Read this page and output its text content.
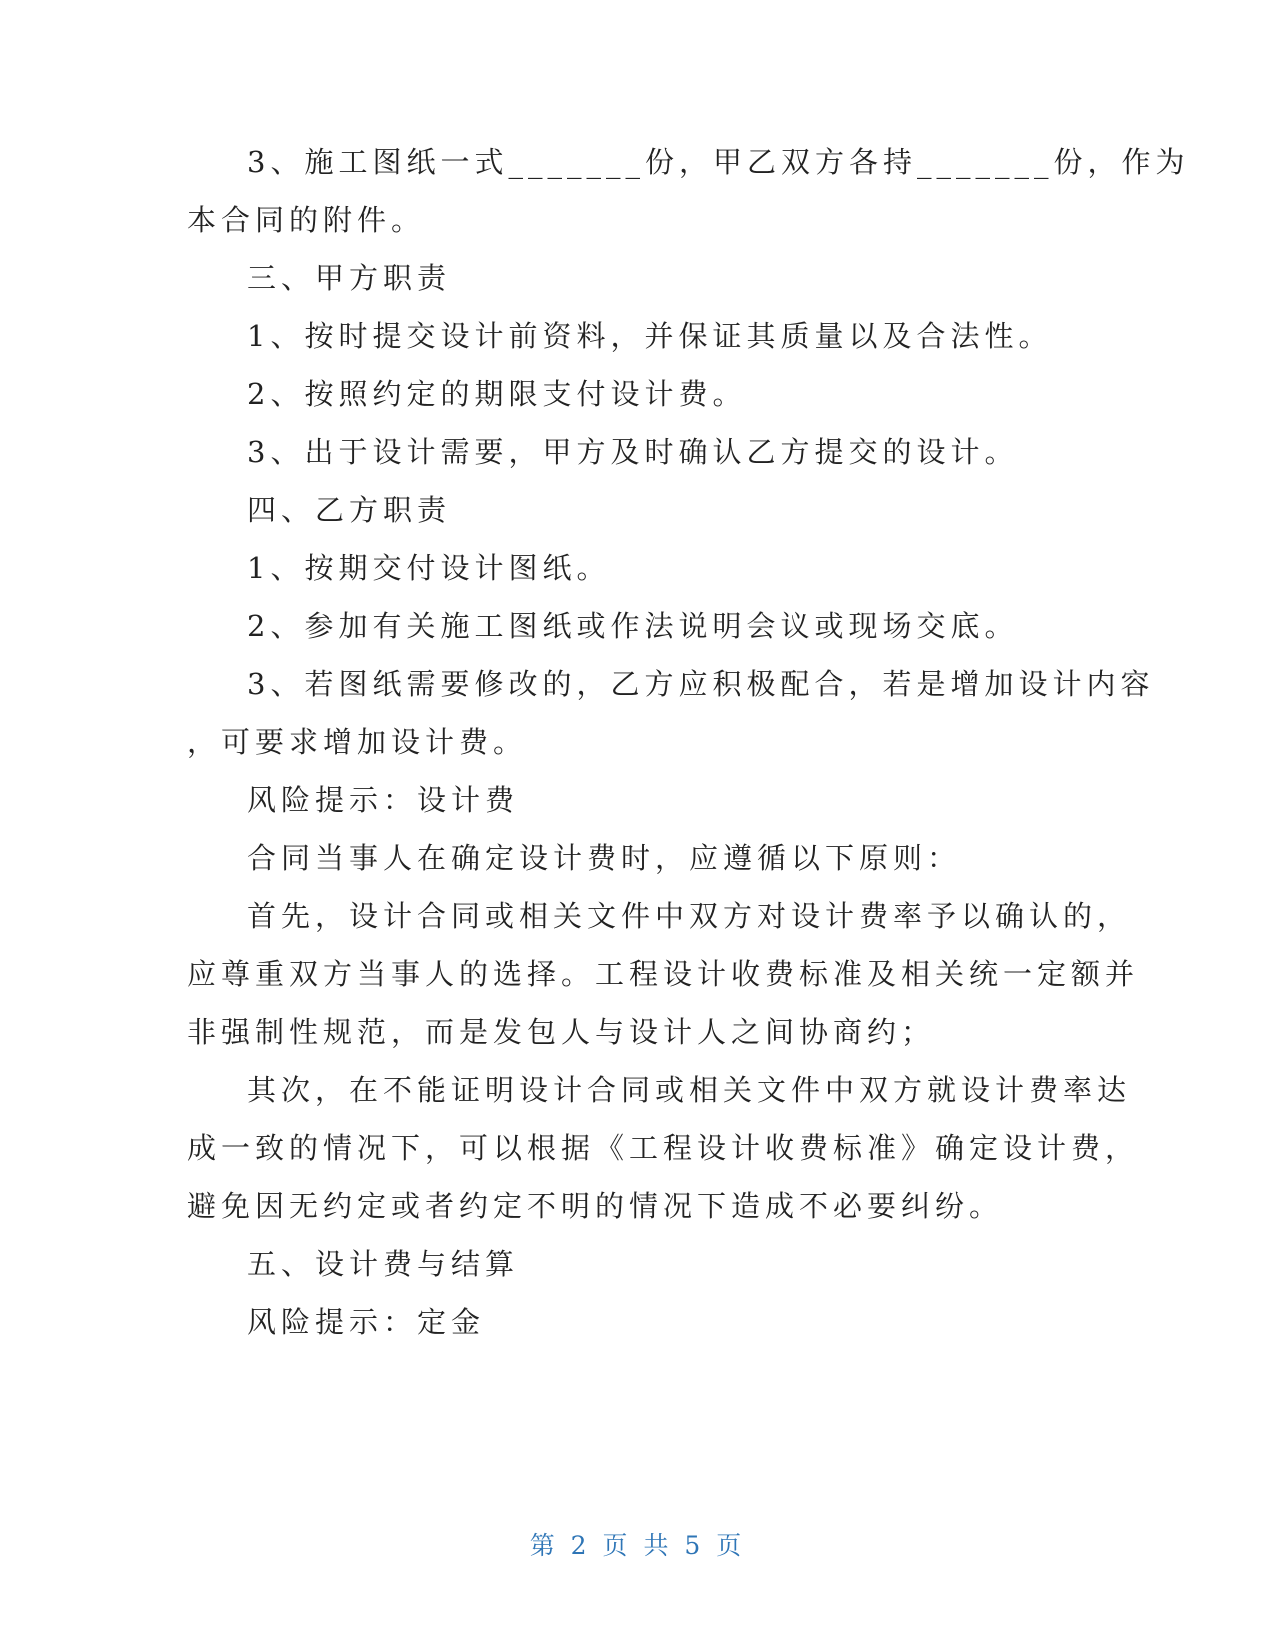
3、施工图纸一式_______份，甲乙双方各持_______份，作为
本合同的附件。
三、甲方职责
1、按时提交设计前资料，并保证其质量以及合法性。
2、按照约定的期限支付设计费。
3、出于设计需要，甲方及时确认乙方提交的设计。
四、乙方职责
1、按期交付设计图纸。
2、参加有关施工图纸或作法说明会议或现场交底。
3、若图纸需要修改的，乙方应积极配合，若是增加设计内容
，可要求增加设计费。
风险提示：设计费
合同当事人在确定设计费时，应遵循以下原则：
首先，设计合同或相关文件中双方对设计费率予以确认的，
应尊重双方当事人的选择。工程设计收费标准及相关统一定额并
非强制性规范，而是发包人与设计人之间协商约；
其次，在不能证明设计合同或相关文件中双方就设计费率达
成一致的情况下，可以根据《工程设计收费标准》确定设计费，
避免因无约定或者约定不明的情况下造成不必要纠纷。
五、设计费与结算
风险提示：定金
第 2 页 共 5 页
